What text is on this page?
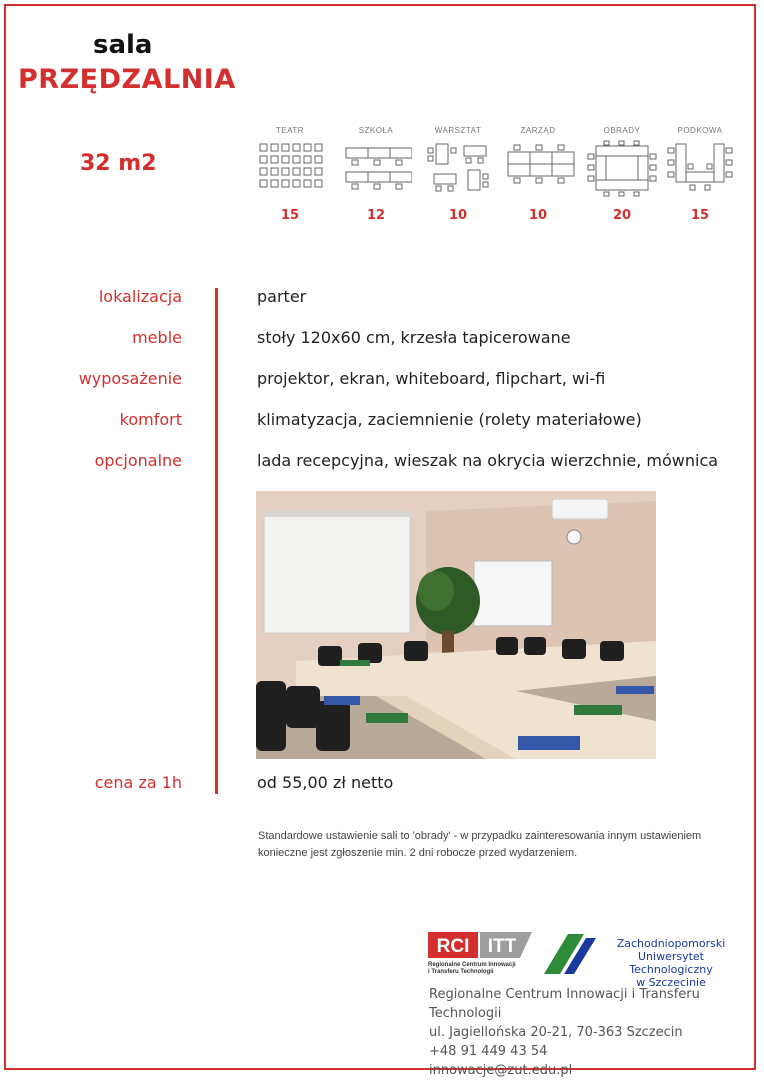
sala
PRZĘDZALNIA
32 m2
TEATR
15
SZKOŁA
12
WARSZTAT
10
ZARZĄD
10
OBRADY
20
PODKOWA
15
lokalizacja	parter
meble	stoły 120x60 cm, krzesła tapicerowane
wyposażenie	projektor, ekran, whiteboard, flipchart, wi-fi
komfort	klimatyzacja, zaciemnienie (rolety materiałowe)
opcjonalne	lada recepcyjna, wieszak na okrycia wierzchnie, mównica
cena za 1h	od 55,00 zł netto
Standardowe ustawienie sali to 'obrady' - w przypadku zainteresowania innym ustawieniem konieczne jest zgłoszenie min. 2 dni robocze przed wydarzeniem.
RCI ITT
Regionalne Centrum Innowacji
i Transferu Technologii
Zachodniopomorski
Uniwersytet Technologiczny
w Szczecinie
Regionalne Centrum Innowacji i Transferu Technologii
ul. Jagiellońska 20-21, 70-363 Szczecin
+48 91 449 43 54
innowacje@zut.edu.pl
